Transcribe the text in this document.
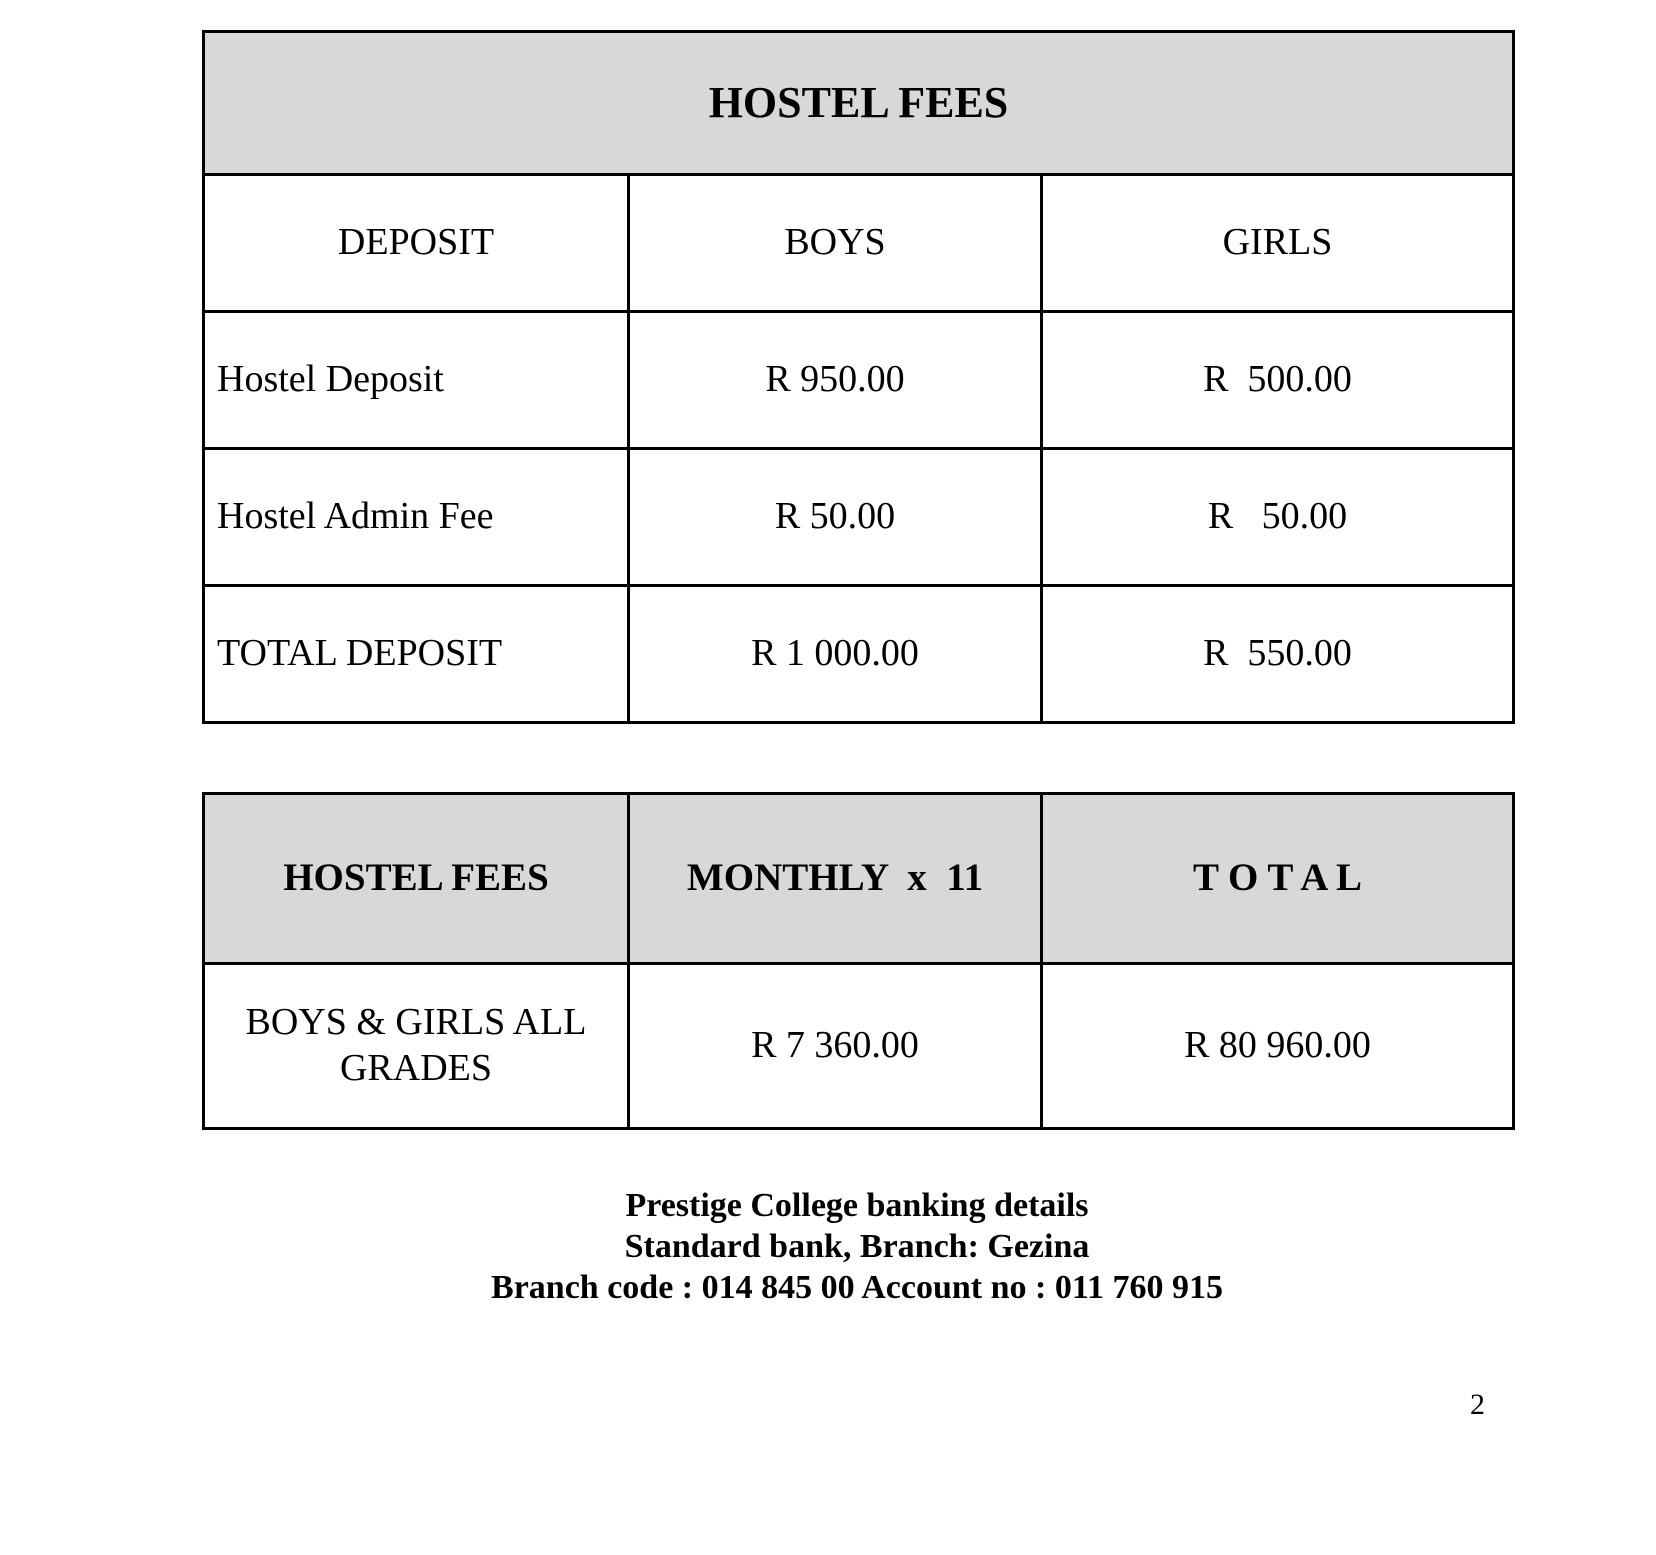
HOSTEL FEES		
DEPOSIT	BOYS	GIRLS
Hostel Deposit	R 950.00	R  500.00
Hostel Admin Fee	R 50.00	R   50.00
TOTAL DEPOSIT	R 1 000.00	R  550.00
HOSTEL FEES	MONTHLY  x  11	T O T A L

BOYS & GIRLS ALL
GRADES	R 7 360.00	R 80 960.00
Prestige College banking details
Standard bank, Branch: Gezina
Branch code : 014 845 00 Account no : 011 760 915
2
